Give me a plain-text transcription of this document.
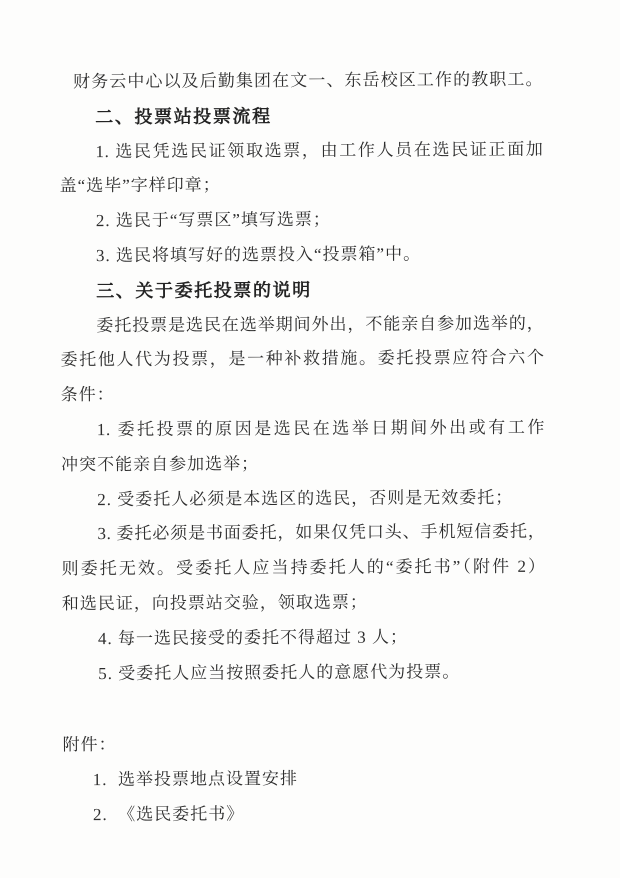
财务云中心以及后勤集团在文一、东岳校区工作的教职工。
二、投票站投票流程
1. 选民凭选民证领取选票，由工作人员在选民证正面加
盖“选毕”字样印章；
2. 选民于“写票区”填写选票；
3. 选民将填写好的选票投入“投票箱”中。
三、关于委托投票的说明
委托投票是选民在选举期间外出，不能亲自参加选举的，
委托他人代为投票，是一种补救措施。委托投票应符合六个
条件：
1. 委托投票的原因是选民在选举日期间外出或有工作
冲突不能亲自参加选举；
2. 受委托人必须是本选区的选民，否则是无效委托；
3. 委托必须是书面委托，如果仅凭口头、手机短信委托，
则委托无效。受委托人应当持委托人的“委托书”（附件 2）
和选民证，向投票站交验，领取选票；
4. 每一选民接受的委托不得超过 3 人；
5. 受委托人应当按照委托人的意愿代为投票。
附件：
1.  选举投票地点设置安排
2.  《选民委托书》
